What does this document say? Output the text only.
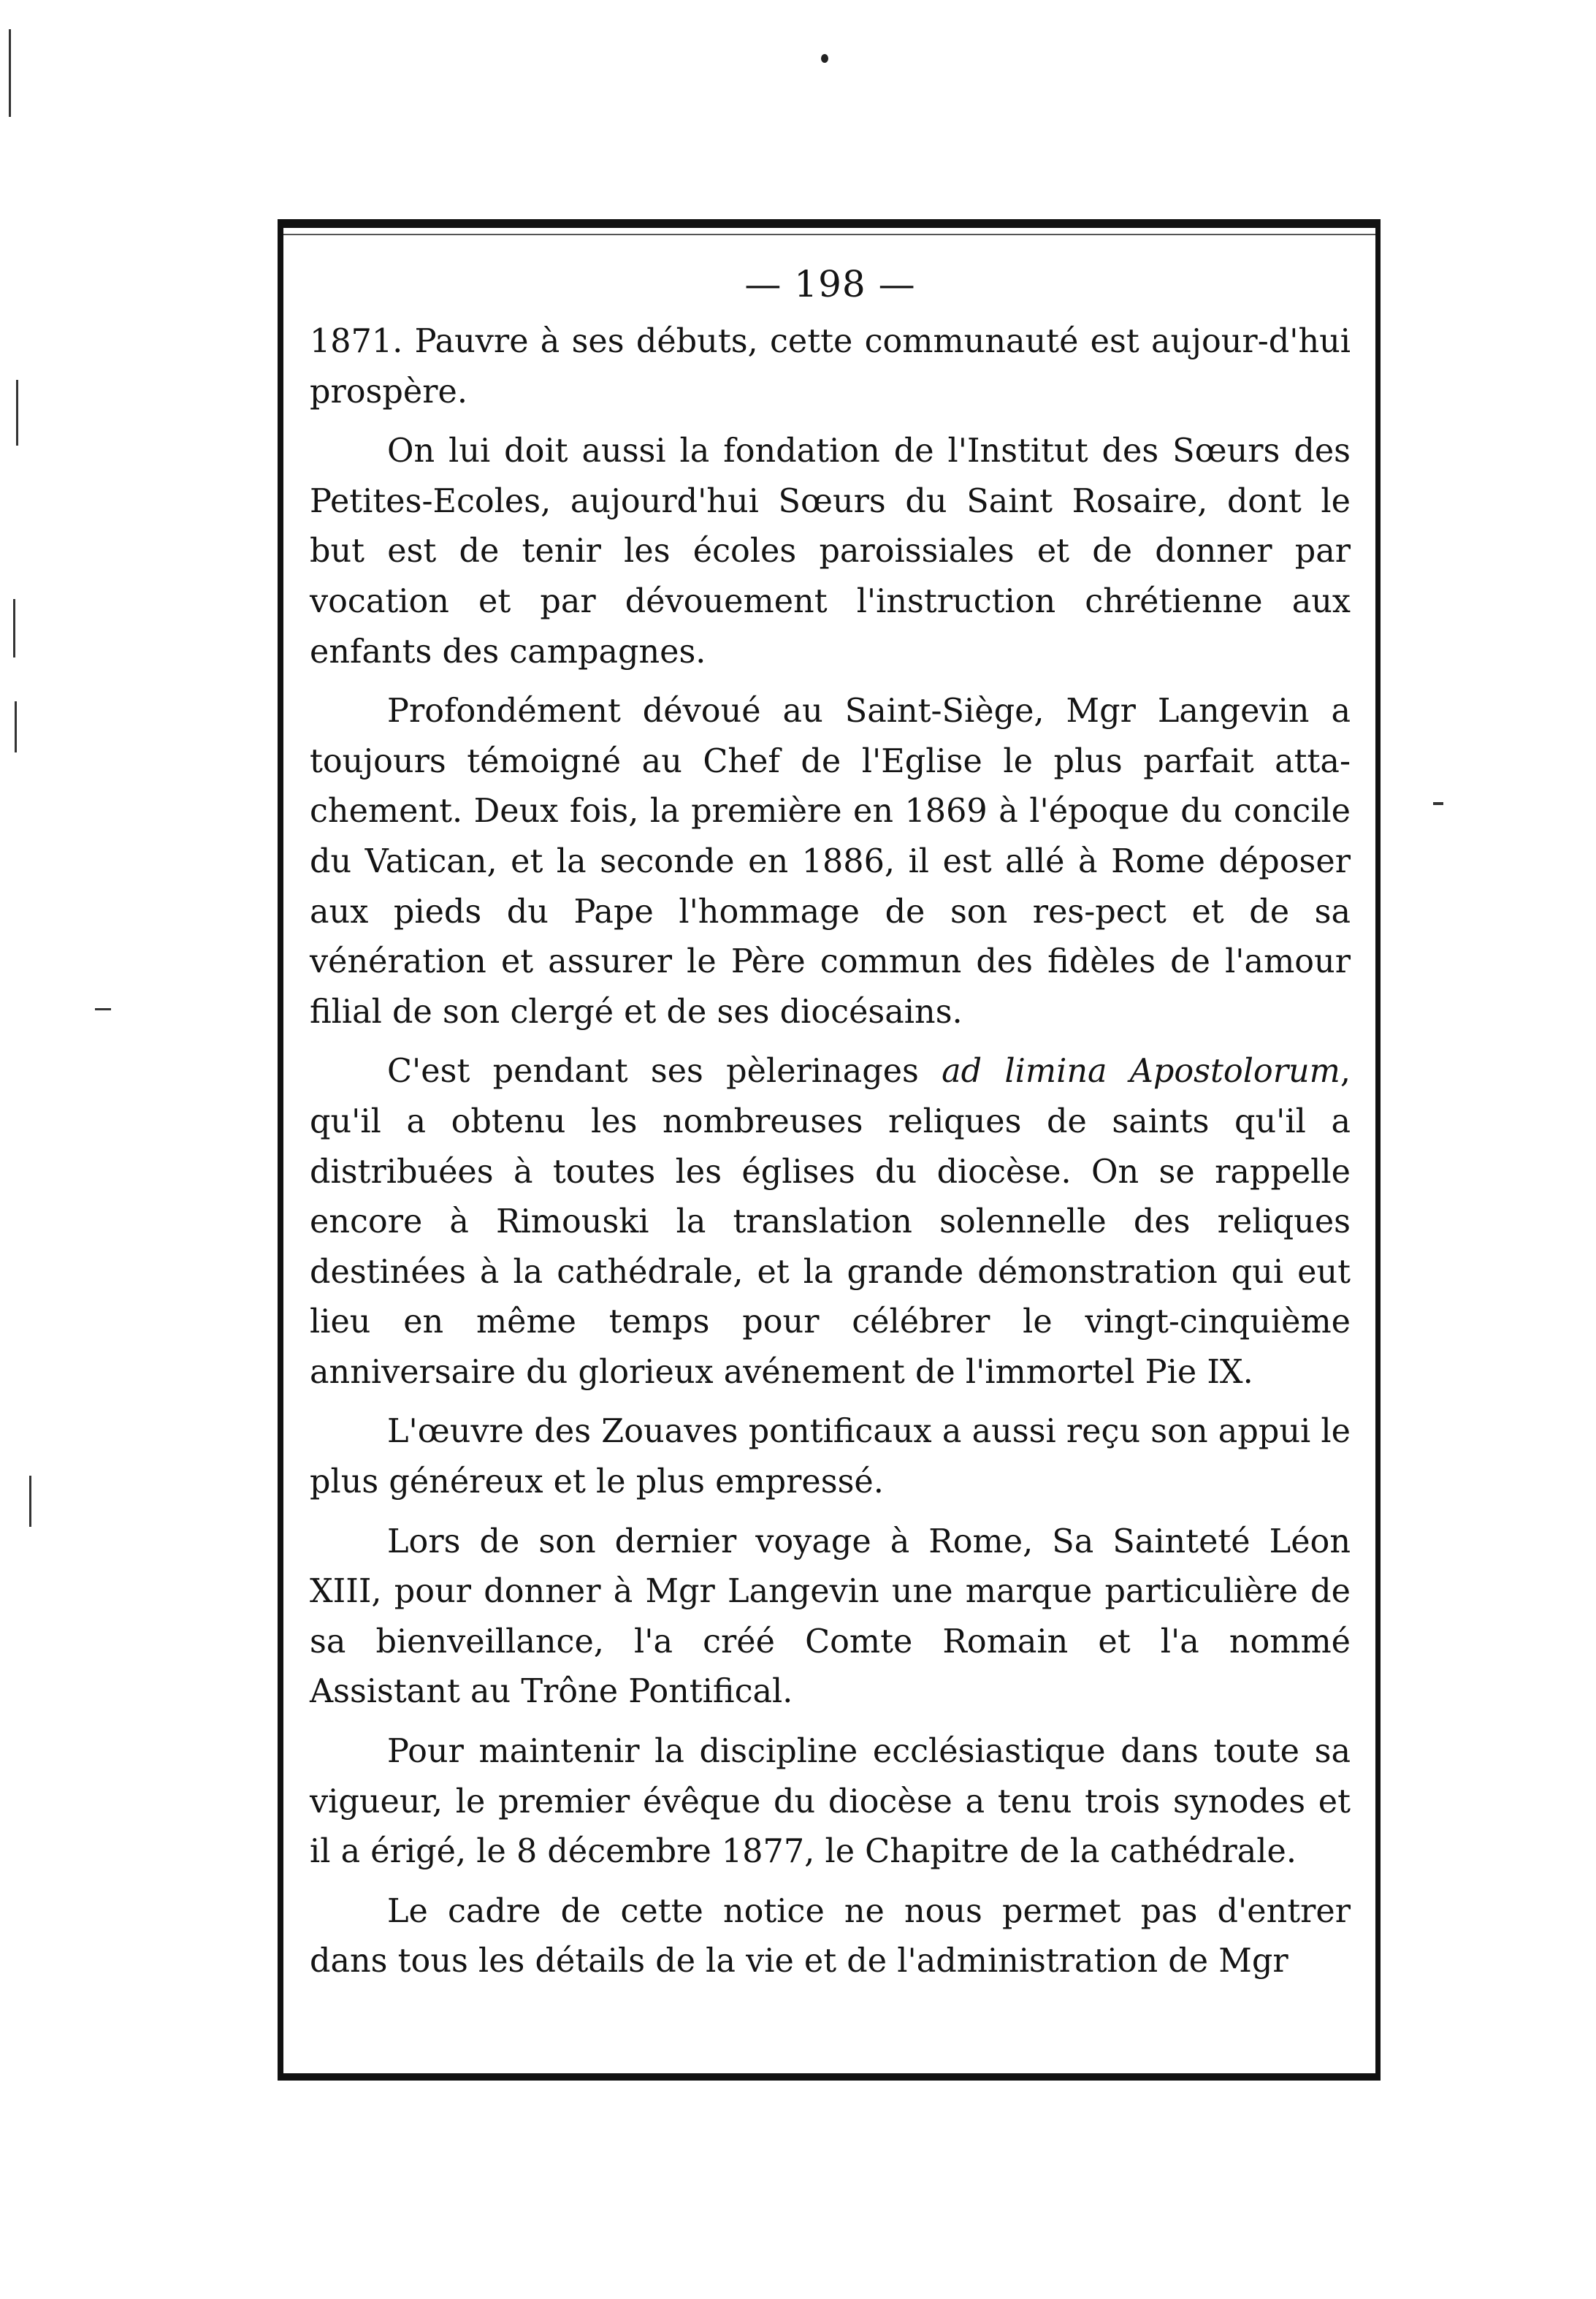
— 198 —

1871. Pauvre à ses débuts, cette communauté est aujour-d'hui prospère.

On lui doit aussi la fondation de l'Institut des Sœurs des Petites-Ecoles, aujourd'hui Sœurs du Saint Rosaire, dont le but est de tenir les écoles paroissiales et de donner par vocation et par dévouement l'instruction chrétienne aux enfants des campagnes.

Profondément dévoué au Saint-Siège, Mgr Langevin a toujours témoigné au Chef de l'Eglise le plus parfait atta-chement. Deux fois, la première en 1869 à l'époque du concile du Vatican, et la seconde en 1886, il est allé à Rome déposer aux pieds du Pape l'hommage de son res-pect et de sa vénération et assurer le Père commun des fidèles de l'amour filial de son clergé et de ses diocésains.

C'est pendant ses pèlerinages ad limina Apostolorum, qu'il a obtenu les nombreuses reliques de saints qu'il a distribuées à toutes les églises du diocèse. On se rappelle encore à Rimouski la translation solennelle des reliques destinées à la cathédrale, et la grande démonstration qui eut lieu en même temps pour célébrer le vingt-cinquième anniversaire du glorieux avénement de l'immortel Pie IX.

L'œuvre des Zouaves pontificaux a aussi reçu son appui le plus généreux et le plus empressé.

Lors de son dernier voyage à Rome, Sa Sainteté Léon XIII, pour donner à Mgr Langevin une marque particulière de sa bienveillance, l'a créé Comte Romain et l'a nommé Assistant au Trône Pontifical.

Pour maintenir la discipline ecclésiastique dans toute sa vigueur, le premier évêque du diocèse a tenu trois synodes et il a érigé, le 8 décembre 1877, le Chapitre de la cathédrale.

Le cadre de cette notice ne nous permet pas d'entrer dans tous les détails de la vie et de l'administration de Mgr
